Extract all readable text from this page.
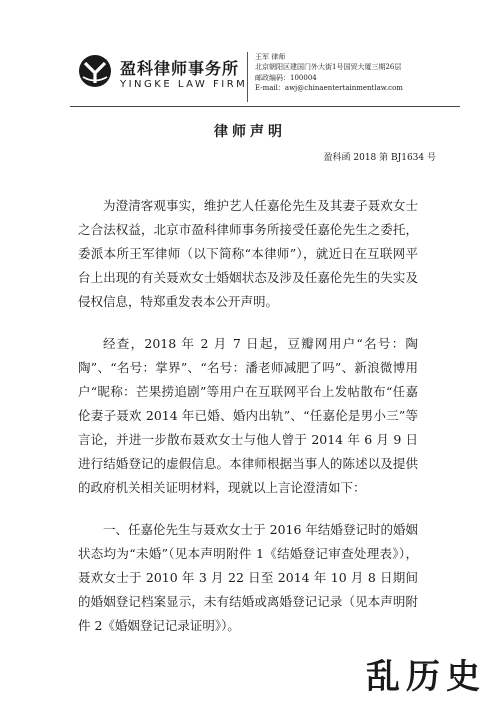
盈科律师事务所
YINGKE LAW FIRM
王军 律师
北京朝阳区建国门外大街1号国贸大厦三期26层
邮政编码：100004
E-mail：awj@chinaentertainmentlaw.com
律师声明
盈科函 2018 第 BJ1634 号

为澄清客观事实，维护艺人任嘉伦先生及其妻子聂欢女士之合法权益，北京市盈科律师事务所接受任嘉伦先生之委托，委派本所王军律师（以下简称“本律师”），就近日在互联网平台上出现的有关聂欢女士婚姻状态及涉及任嘉伦先生的失实及侵权信息，特郑重发表本公开声明。

经查，2018 年 2 月 7 日起，豆瓣网用户“名号：陶陶”、“名号：掌界”、“名号：潘老师减肥了吗”、新浪微博用户“昵称：芒果捞追剧”等用户在互联网平台上发帖散布“任嘉伦妻子聂欢 2014 年已婚、婚内出轨”、“任嘉伦是男小三”等言论，并进一步散布聂欢女士与他人曾于 2014 年 6 月 9 日进行结婚登记的虚假信息。本律师根据当事人的陈述以及提供的政府机关相关证明材料，现就以上言论澄清如下：

一、任嘉伦先生与聂欢女士于 2016 年结婚登记时的婚姻状态均为“未婚”（见本声明附件 1《结婚登记审查处理表》），聂欢女士于 2010 年 3 月 22 日至 2014 年 10 月 8 日期间的婚姻登记档案显示，未有结婚或离婚登记记录（见本声明附件 2《婚姻登记记录证明》）。

乱历史
